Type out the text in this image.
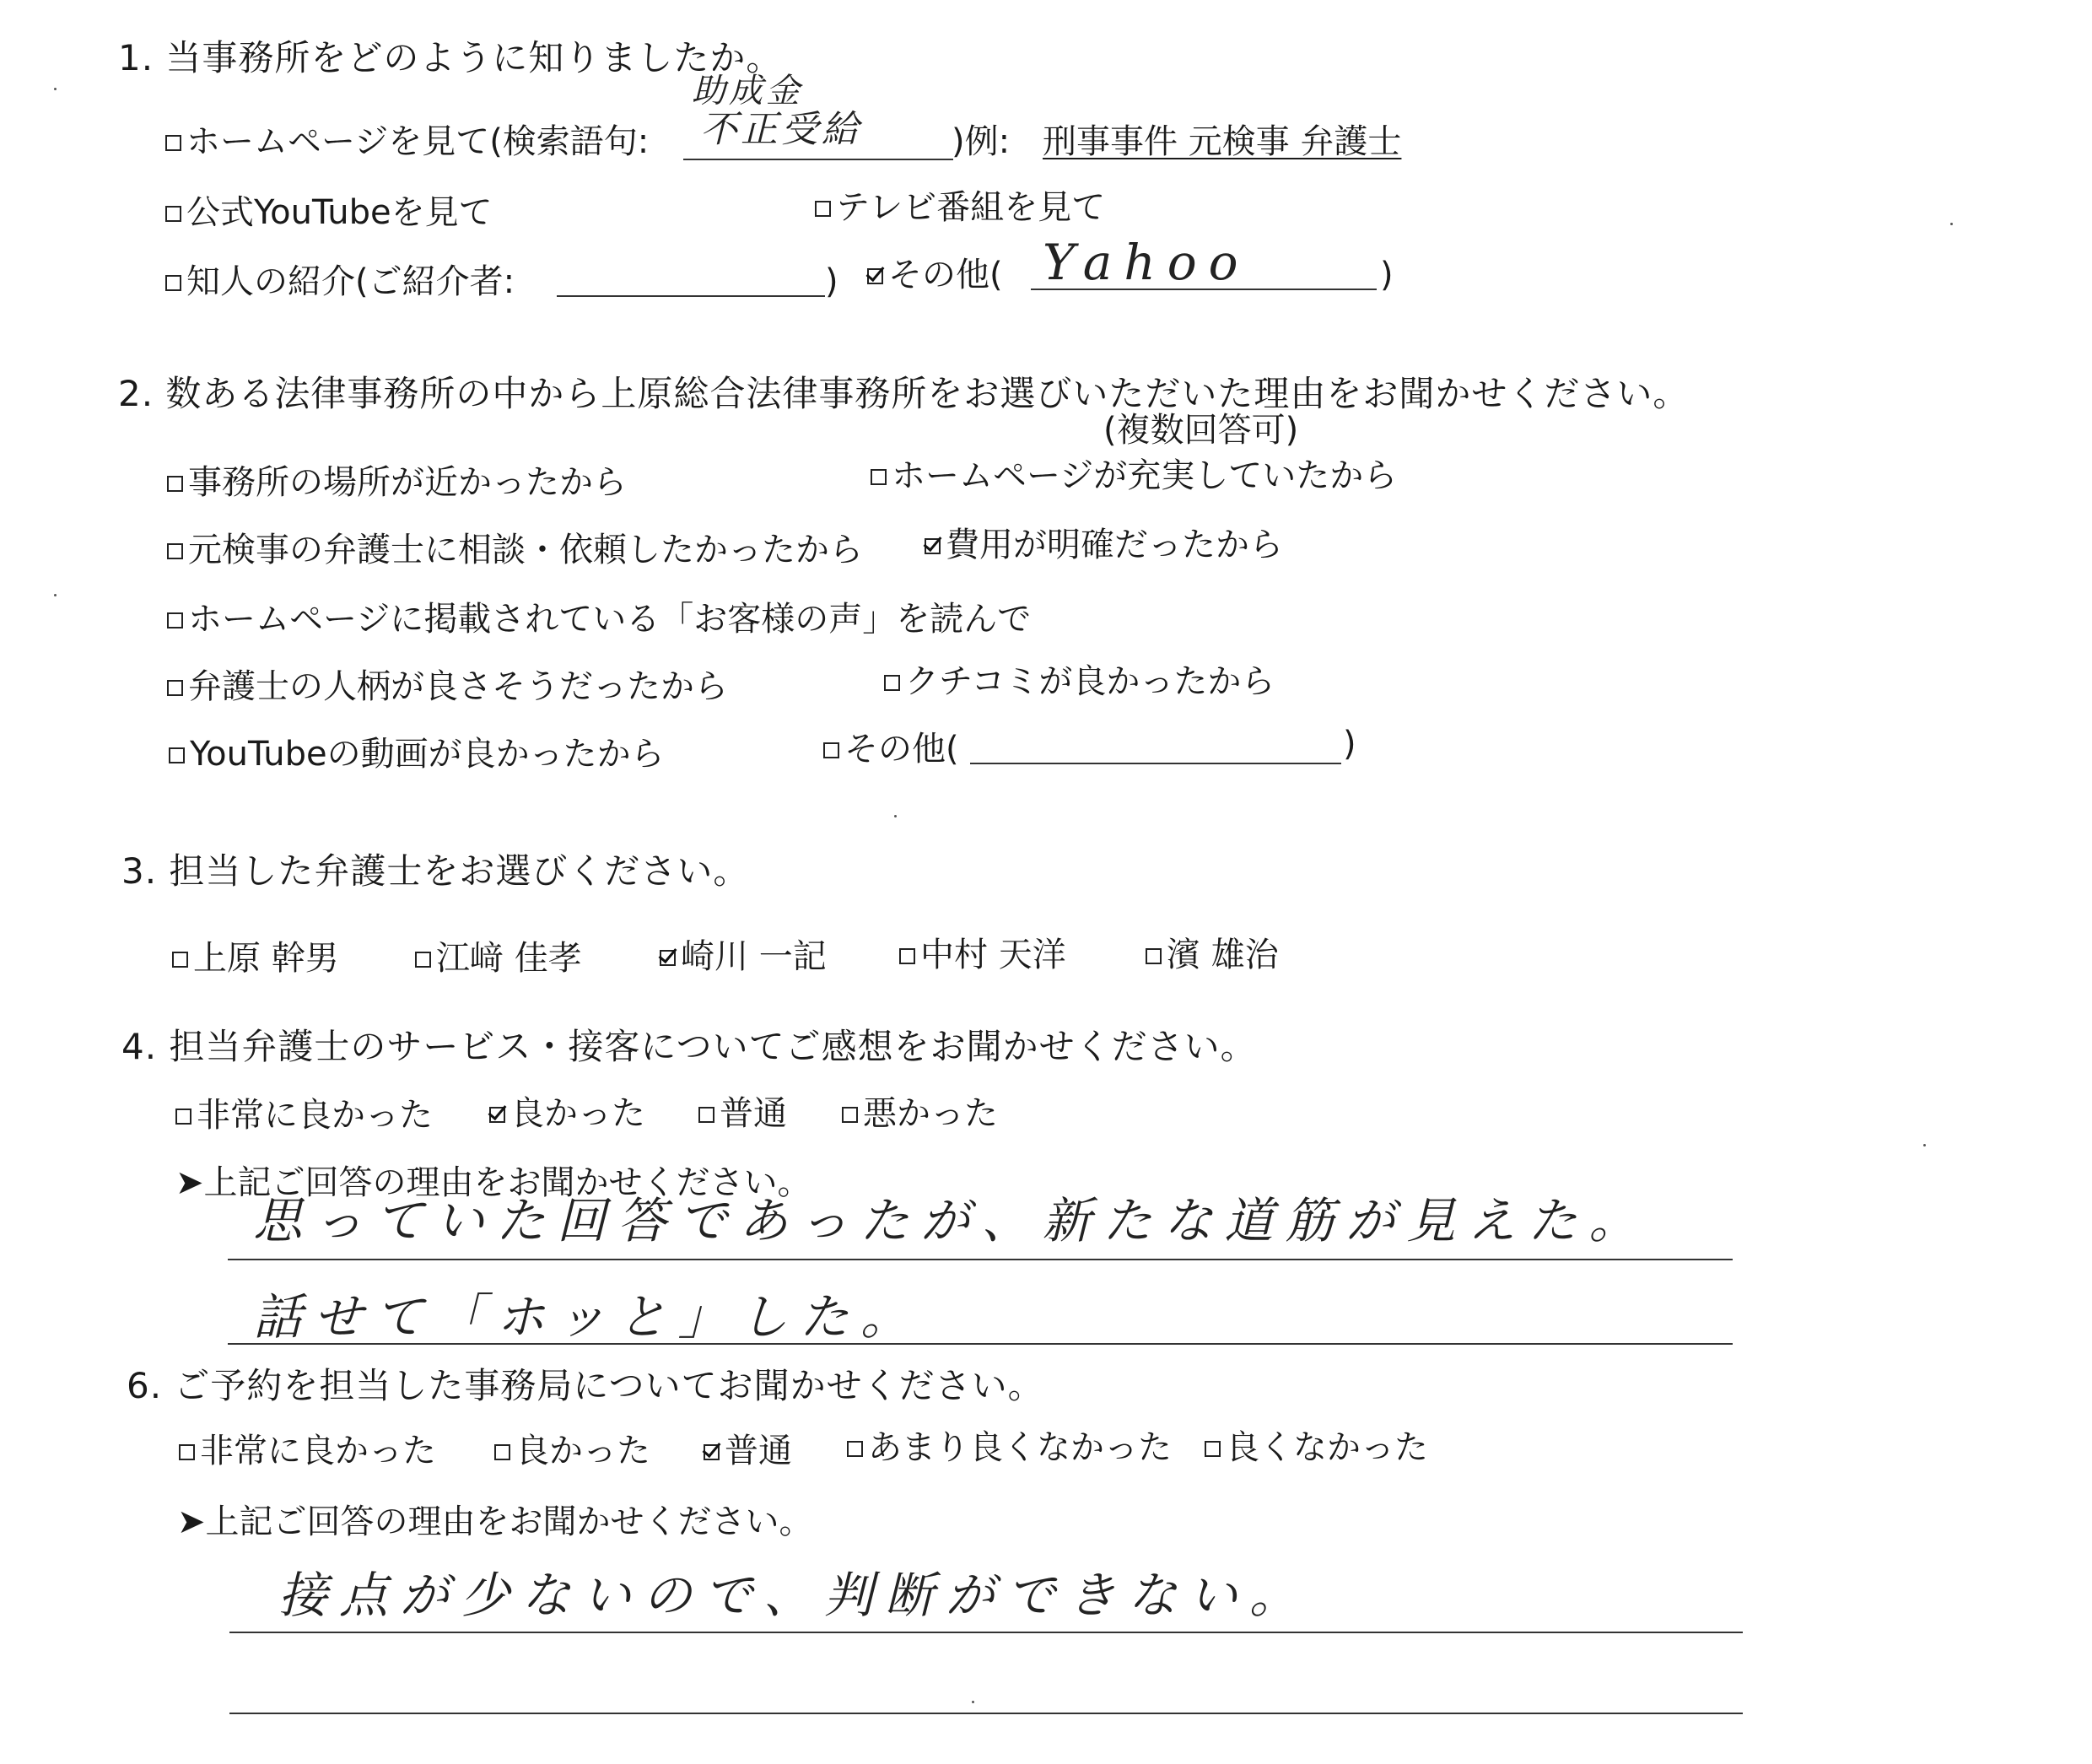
1. 当事務所をどのように知りましたか。
助成金
ホームページを見て(検索語句: 不正受給	)例: 刑事事件 元検事 弁護士
公式YouTubeを見て	テレビ番組を見て
知人の紹介(ご紹介者:	)	その他( Yahoo	)
2. 数ある法律事務所の中から上原総合法律事務所をお選びいただいた理由をお聞かせください。
(複数回答可)
事務所の場所が近かったから	ホームページが充実していたから
元検事の弁護士に相談・依頼したかったから	費用が明確だったから
ホームページに掲載されている「お客様の声」を読んで
弁護士の人柄が良さそうだったから	クチコミが良かったから
YouTubeの動画が良かったから	その他(	)
3. 担当した弁護士をお選びください。
上原 幹男	江﨑 佳孝	崎川 一記	中村 天洋	濱 雄治
4. 担当弁護士のサービス・接客についてご感想をお聞かせください。
非常に良かった	良かった	普通	悪かった
➤上記ご回答の理由をお聞かせください。
思っていた回答であったが、新たな道筋が見えた。
話せて「ホッと」した。
6. ご予約を担当した事務局についてお聞かせください。
非常に良かった	良かった	普通	あまり良くなかった	良くなかった
➤上記ご回答の理由をお聞かせください。
接点が少ないので、判断ができない。
